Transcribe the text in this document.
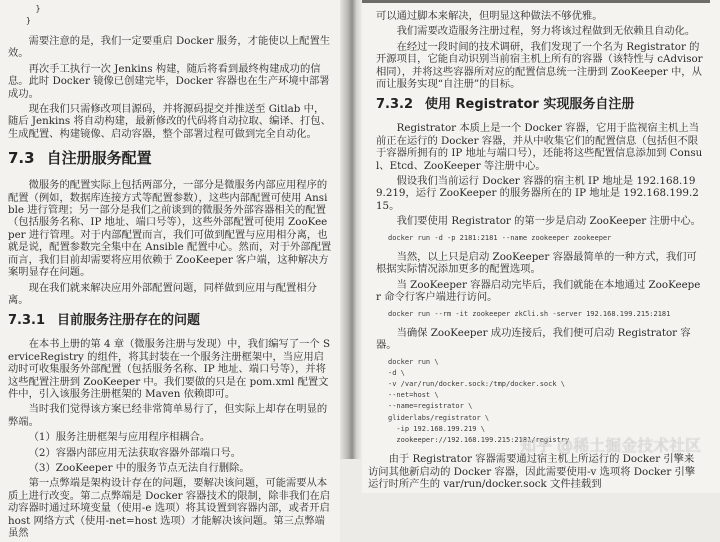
}
}

需要注意的是，我们一定要重启 Docker 服务，才能使以上配置生效。

再次手工执行一次 Jenkins 构建，随后将看到最终构建成功的信息。此时 Docker 镜像已创建完毕，Docker 容器也在生产环境中部署成功。

现在我们只需修改项目源码，并将源码提交并推送至 Gitlab 中，随后 Jenkins 将自动构建，最新修改的代码将自动拉取、编译、打包、生成配置、构建镜像、启动容器，整个部署过程可做到完全自动化。

7.3 自注册服务配置

微服务的配置实际上包括两部分，一部分是微服务内部应用程序的配置（例如，数据库连接方式等配置参数），这些内部配置可使用 Ansible 进行管理；另一部分是我们之前谈到的微服务外部容器相关的配置（包括服务名称、IP 地址、端口号等），这些外部配置可使用 ZooKeeper 进行管理。对于内部配置而言，我们可做到配置与应用相分离，也就是说，配置参数完全集中在 Ansible 配置中心。然而，对于外部配置而言，我们目前却需要将应用依赖于 ZooKeeper 客户端，这种解决方案明显存在问题。

现在我们就来解决应用外部配置问题，同样做到应用与配置相分离。

7.3.1 目前服务注册存在的问题

在本书上册的第 4 章（微服务注册与发现）中，我们编写了一个 ServiceRegistry 的组件，将其封装在一个服务注册框架中，当应用启动时可收集服务外部配置（包括服务名称、IP 地址、端口号等），并将这些配置注册到 ZooKeeper 中。我们要做的只是在 pom.xml 配置文件中，引入该服务注册框架的 Maven 依赖即可。

当时我们觉得该方案已经非常简单易行了，但实际上却存在明显的弊端。

（1）服务注册框架与应用程序相耦合。

（2）容器内部应用无法获取容器外部端口号。

（3）ZooKeeper 中的服务节点无法自行删除。

第一点弊端是架构设计存在的问题，要解决该问题，可能需要从本质上进行改变。第二点弊端是 Docker 容器技术的限制，除非我们在启动容器时通过环境变量（使用-e 选项）将其设置到容器内部，或者开启 host 网络方式（使用-net=host 选项）才能解决该问题。第三点弊端虽然

可以通过脚本来解决，但明显这种做法不够优雅。

我们需要改造服务注册过程，努力将该过程做到无依赖且自动化。

在经过一段时间的技术调研，我们发现了一个名为 Registrator 的开源项目，它能自动识别当前宿主机上所有的容器（该特性与 cAdvisor 相同），并将这些容器所对应的配置信息统一注册到 ZooKeeper 中，从而让服务实现“自注册”的目标。

7.3.2 使用 Registrator 实现服务自注册

Registrator 本质上是一个 Docker 容器，它用于监视宿主机上当前正在运行的 Docker 容器，并从中收集它们的配置信息（包括但不限于容器所拥有的 IP 地址与端口号），还能将这些配置信息添加到 Consul、Etcd、ZooKeeper 等注册中心。

假设我们当前运行 Docker 容器的宿主机 IP 地址是 192.168.199.219，运行 ZooKeeper 的服务器所在的 IP 地址是 192.168.199.215。

我们要使用 Registrator 的第一步是启动 ZooKeeper 注册中心。

docker run -d -p 2181:2181 --name zookeeper zookeeper

当然，以上只是启动 ZooKeeper 容器最简单的一种方式，我们可根据实际情况添加更多的配置选项。

当 ZooKeeper 容器启动完毕后，我们就能在本地通过 ZooKeeper 命令行客户端进行访问。

docker run --rm -it zookeeper zkCli.sh -server 192.168.199.215:2181

当确保 ZooKeeper 成功连接后，我们便可启动 Registrator 容器。

docker run \
-d \
-v /var/run/docker.sock:/tmp/docker.sock \
--net=host \
--name=registrator \
gliderlabs/registrator \
-ip 192.168.199.219 \
zookeeper://192.168.199.215:2181/registry

由于 Registrator 容器需要通过宿主机上所运行的 Docker 引擎来访问其他新启动的 Docker 容器，因此需要使用-v 选项将 Docker 引擎运行时所产生的 var/run/docker.sock 文件挂载到

知乎 @稀土掘金技术社区
